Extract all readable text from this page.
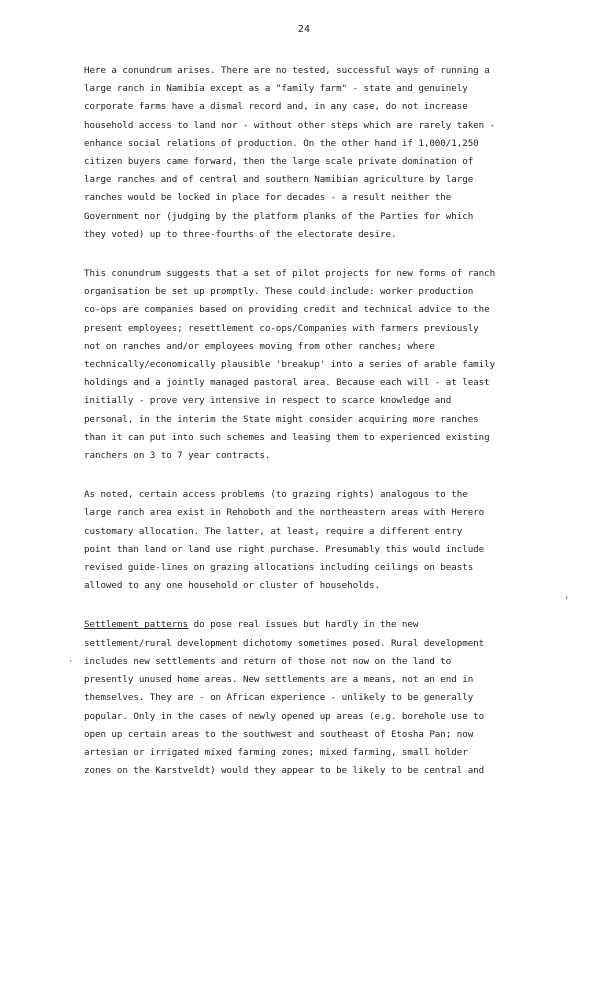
24
Here a conundrum arises. There are no tested, successful ways of running a
large ranch in Namibia except as a "family farm" - state and genuinely
corporate farms have a dismal record and, in any case, do not increase
household access to land nor - without other steps which are rarely taken -
enhance social relations of production. On the other hand if 1,000/1,250
citizen buyers came forward, then the large scale private domination of
large ranches and of central and southern Namibian agriculture by large
ranches would be locked in place for decades - a result neither the
Government nor (judging by the platform planks of the Parties for which
they voted) up to three-fourths of the electorate desire.
This conundrum suggests that a set of pilot projects for new forms of ranch
organisation be set up promptly. These could include: worker production
co-ops are companies based on providing credit and technical advice to the
present employees; resettlement co-ops/Companies with farmers previously
not on ranches and/or employees moving from other ranches; where
technically/economically plausible 'breakup' into a series of arable family
holdings and a jointly managed pastoral area. Because each will - at least
initially - prove very intensive in respect to scarce knowledge and
personal, in the interim the State might consider acquiring more ranches
than it can put into such schemes and leasing them to experienced existing
ranchers on 3 to 7 year contracts.
As noted, certain access problems (to grazing rights) analogous to the
large ranch area exist in Rehoboth and the northeastern areas with Herero
customary allocation. The latter, at least, require a different entry
point than land or land use right purchase. Presumably this would include
revised guide-lines on grazing allocations including ceilings on beasts
allowed to any one household or cluster of households.
Settlement patterns do pose real issues but hardly in the new
settlement/rural development dichotomy sometimes posed. Rural development
includes new settlements and return of those not now on the land to
presently unused home areas. New settlements are a means, not an end in
themselves. They are - on African experience - unlikely to be generally
popular. Only in the cases of newly opened up areas (e.g. borehole use to
open up certain areas to the southwest and southeast of Etosha Pan; now
artesian or irrigated mixed farming zones; mixed farming, small holder
zones on the Karstveldt) would they appear to be likely to be central and
,
·
